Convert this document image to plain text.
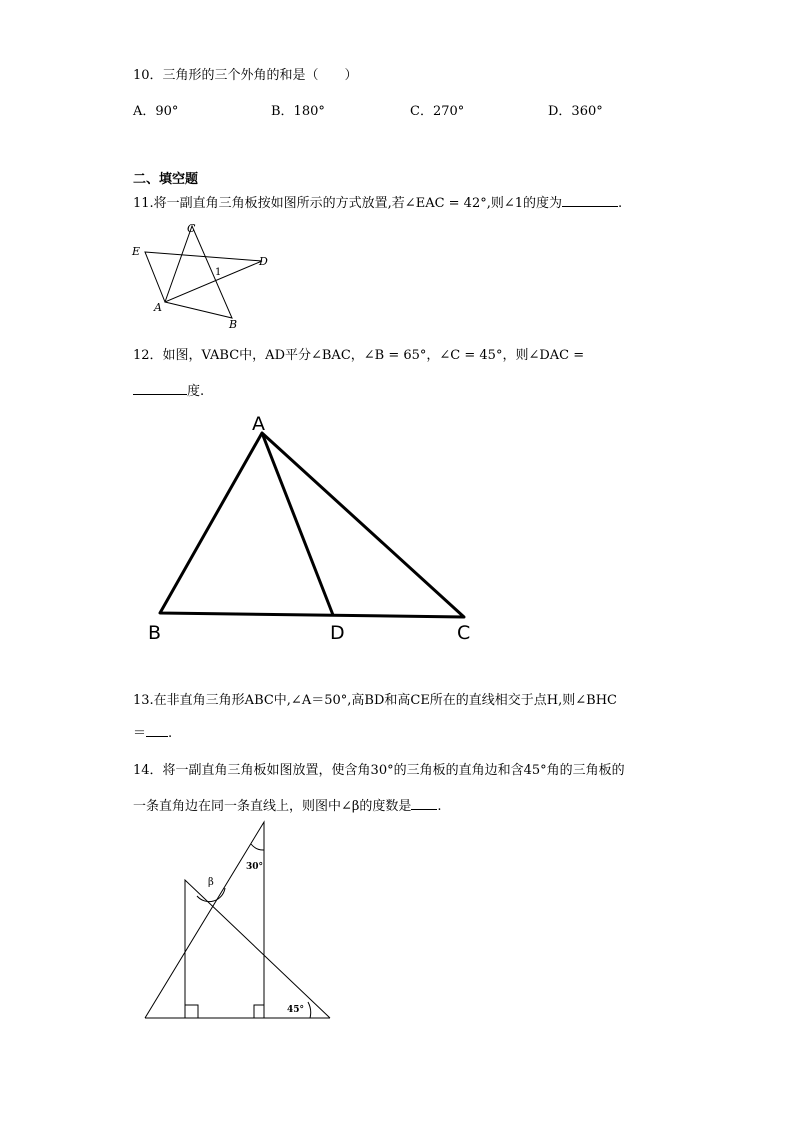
10．三角形的三个外角的和是（　　）
A．90°	B．180°	C．270°	D．360°
二、填空题
11.将一副直角三角板按如图所示的方式放置,若∠EAC = 42°,则∠1的度为	.
C
E
D
A
B
1
12．如图，VABC中，AD平分∠BAC，∠B = 65°，∠C = 45°，则∠DAC =
度.
A
B	D	C
13.在非直角三角形ABC中,∠A＝50°,高BD和高CE所在的直线相交于点H,则∠BHC
＝ .
14．将一副直角三角板如图放置，使含角30°的三角板的直角边和含45°角的三角板的
一条直角边在同一条直线上，则图中∠β的度数是 .
β
30°
45°
